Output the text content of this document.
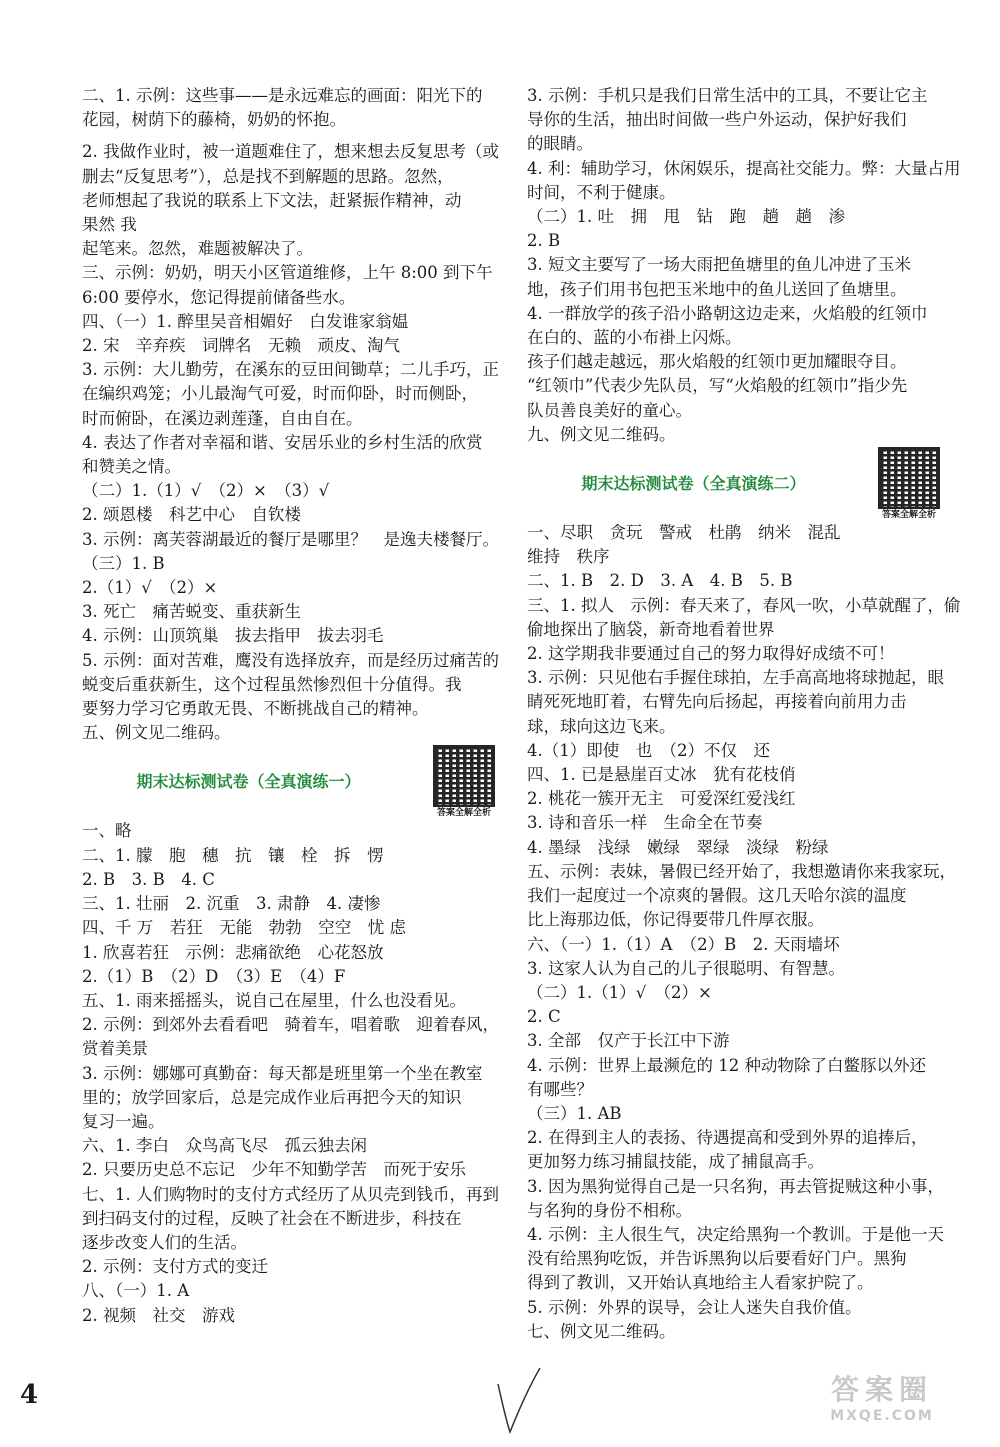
二、1. 示例：这些事——是永远难忘的画面：阳光下的
花园，树荫下的藤椅，奶奶的怀抱。
2. 我做作业时，被一道题难住了，想来想去反复思考（或
删去“反复思考”），总是找不到解题的思路。忽然，
老师想起了我说的联系上下文法，赶紧振作精神，动
果然 我
起笔来。忽然，难题被解决了。
三、示例：奶奶，明天小区管道维修，上午 8:00 到下午
6:00 要停水，您记得提前储备些水。
四、（一）1. 醉里吴音相媚好　白发谁家翁媪
2. 宋　辛弃疾　词牌名　无赖　顽皮、淘气
3. 示例：大儿勤劳，在溪东的豆田间锄草；二儿手巧，正
在编织鸡笼；小儿最淘气可爱，时而仰卧，时而侧卧，
时而俯卧，在溪边剥莲蓬，自由自在。
4. 表达了作者对幸福和谐、安居乐业的乡村生活的欣赏
和赞美之情。
（二）1.（1）√　（2）×　（3）√
2. 颂恩楼　科艺中心　自钦楼
3. 示例：离芙蓉湖最近的餐厅是哪里？　是逸夫楼餐厅。
（三）1. B
2.（1）√　（2）×
3. 死亡　痛苦蜕变、重获新生
4. 示例：山顶筑巢　拔去指甲　拔去羽毛
5. 示例：面对苦难，鹰没有选择放弃，而是经历过痛苦的
蜕变后重获新生，这个过程虽然惨烈但十分值得。我
要努力学习它勇敢无畏、不断挑战自己的精神。
五、例文见二维码。
期末达标测试卷（全真演练一）
答案全解全析
一、略
二、1. 朦　胞　穗　抗　镶　栓　拆　愣
2. B　3. B　4. C
三、1. 壮丽　2. 沉重　3. 肃静　4. 凄惨
四、千 万　若狂　无能　勃勃　空空　忧 虑
1. 欣喜若狂　示例：悲痛欲绝　心花怒放
2.（1）B　（2）D　（3）E　（4）F
五、1. 雨来摇摇头，说自己在屋里，什么也没看见。
2. 示例：到郊外去看看吧　骑着车，唱着歌　迎着春风，
赏着美景
3. 示例：娜娜可真勤奋：每天都是班里第一个坐在教室
里的；放学回家后，总是完成作业后再把今天的知识
复习一遍。
六、1. 李白　众鸟高飞尽　孤云独去闲
2. 只要历史总不忘记　少年不知勤学苦　而死于安乐
七、1. 人们购物时的支付方式经历了从贝壳到钱币，再到
到扫码支付的过程，反映了社会在不断进步，科技在
逐步改变人们的生活。
2. 示例：支付方式的变迁
八、（一）1. A
2. 视频　社交　游戏
3. 示例：手机只是我们日常生活中的工具，不要让它主
导你的生活，抽出时间做一些户外运动，保护好我们
的眼睛。
4. 利：辅助学习，休闲娱乐，提高社交能力。弊：大量占用
时间，不利于健康。
（二）1. 吐　拥　甩　钻　跑　趟　趟　渗
2. B
3. 短文主要写了一场大雨把鱼塘里的鱼儿冲进了玉米
地，孩子们用书包把玉米地中的鱼儿送回了鱼塘里。
4. 一群放学的孩子沿小路朝这边走来，火焰般的红领巾
在白的、蓝的小布褂上闪烁。
孩子们越走越远，那火焰般的红领巾更加耀眼夺目。
“红领巾”代表少先队员，写“火焰般的红领巾”指少先
队员善良美好的童心。
九、例文见二维码。
期末达标测试卷（全真演练二）
答案全解全析
一、尽职　贪玩　警戒　杜鹃　纳米　混乱
维持　秩序
二、1. B　2. D　3. A　4. B　5. B
三、1. 拟人　示例：春天来了，春风一吹，小草就醒了，偷
偷地探出了脑袋，新奇地看着世界
2. 这学期我非要通过自己的努力取得好成绩不可！
3. 示例：只见他右手握住球拍，左手高高地将球抛起，眼
睛死死地盯着，右臂先向后扬起，再接着向前用力击
球，球向这边飞来。
4.（1）即使　也　（2）不仅　还
四、1. 已是悬崖百丈冰　犹有花枝俏
2. 桃花一簇开无主　可爱深红爱浅红
3. 诗和音乐一样　生命全在节奏
4. 墨绿　浅绿　嫩绿　翠绿　淡绿　粉绿
五、示例：表妹，暑假已经开始了，我想邀请你来我家玩，
我们一起度过一个凉爽的暑假。这几天哈尔滨的温度
比上海那边低，你记得要带几件厚衣服。
六、（一）1.（1）A　（2）B　2. 天雨墙坏
3. 这家人认为自己的儿子很聪明、有智慧。
（二）1.（1）√　（2）×
2. C
3. 全部　仅产于长江中下游
4. 示例：世界上最濒危的 12 种动物除了白鳖豚以外还
有哪些？
（三）1. AB
2. 在得到主人的表扬、待遇提高和受到外界的追捧后，
更加努力练习捕鼠技能，成了捕鼠高手。
3. 因为黑狗觉得自己是一只名狗，再去管捉贼这种小事，
与名狗的身份不相称。
4. 示例：主人很生气，决定给黑狗一个教训。于是他一天
没有给黑狗吃饭，并告诉黑狗以后要看好门户。黑狗
得到了教训，又开始认真地给主人看家护院了。
5. 示例：外界的误导，会让人迷失自我价值。
七、例文见二维码。
4	答案圈
MXQE.COM
